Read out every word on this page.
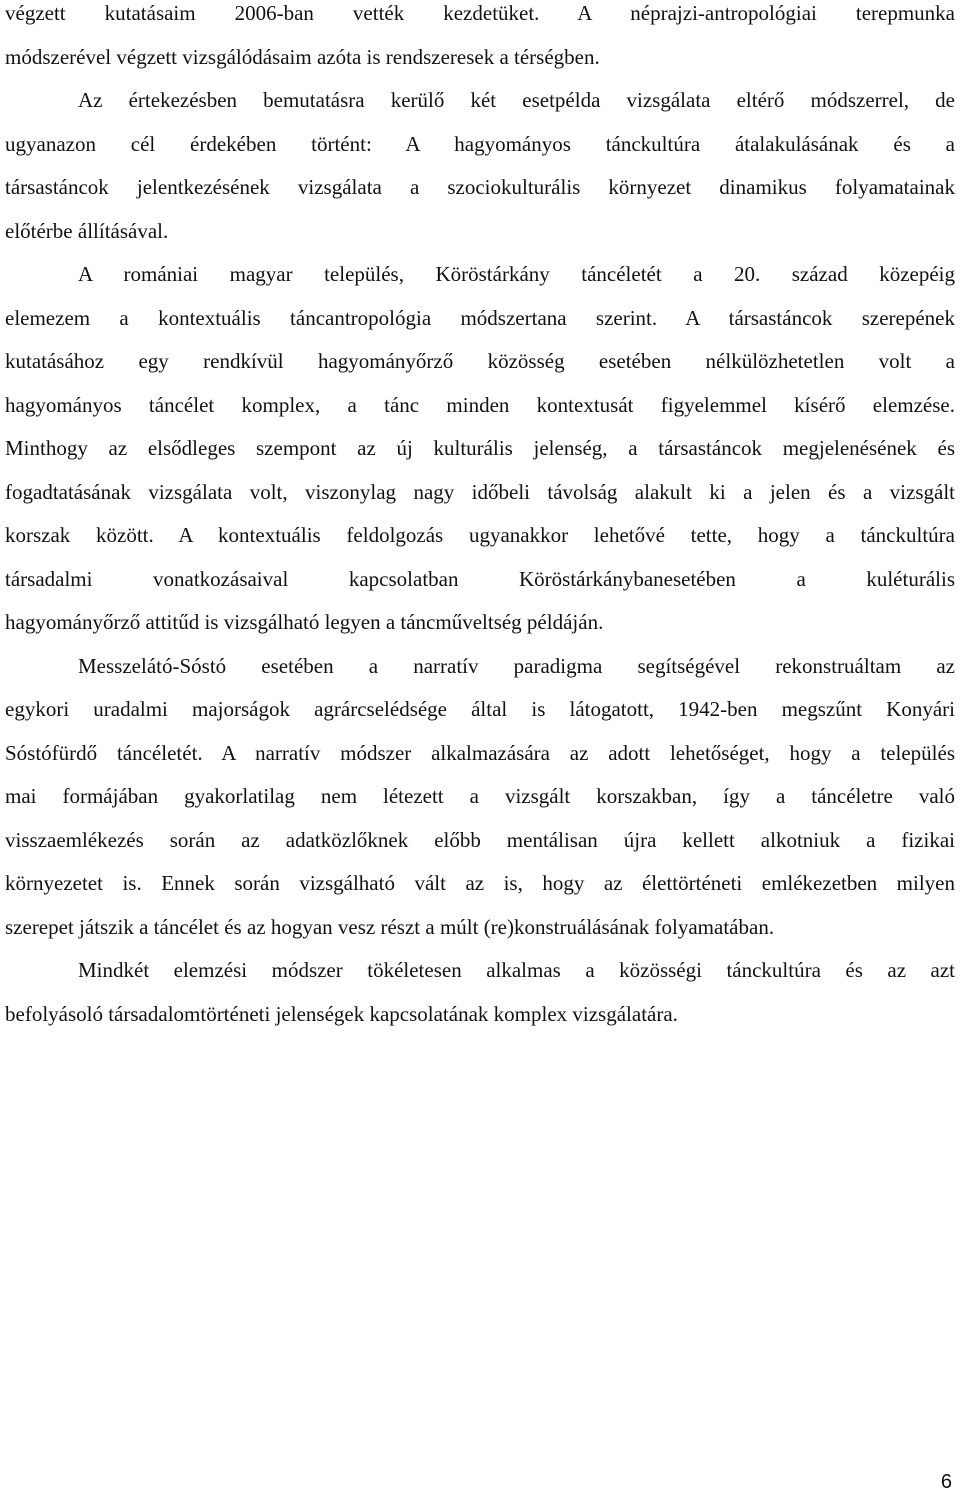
végzett kutatásaim 2006-ban vették kezdetüket. A néprajzi-antropológiai terepmunka
módszerével végzett vizsgálódásaim azóta is rendszeresek a térségben.
Az értekezésben bemutatásra kerülő két esetpélda vizsgálata eltérő módszerrel, de
ugyanazon cél érdekében történt: A hagyományos tánckultúra átalakulásának és a
társastáncok jelentkezésének vizsgálata a szociokulturális környezet dinamikus folyamatainak
előtérbe állításával.
A romániai magyar település, Köröstárkány táncéletét a 20. század közepéig
elemezem a kontextuális táncantropológia módszertana szerint. A társastáncok szerepének
kutatásához egy rendkívül hagyományőrző közösség esetében nélkülözhetetlen volt a
hagyományos táncélet komplex, a tánc minden kontextusát figyelemmel kísérő elemzése.
Minthogy az elsődleges szempont az új kulturális jelenség, a társastáncok megjelenésének és
fogadtatásának vizsgálata volt, viszonylag nagy időbeli távolság alakult ki a jelen és a vizsgált
korszak között. A kontextuális feldolgozás ugyanakkor lehetővé tette, hogy a tánckultúra
társadalmi vonatkozásaival kapcsolatban Köröstárkánybanesetében a kuléturális
hagyományőrző attitűd is vizsgálható legyen a táncműveltség példáján.
Messzelátó-Sóstó esetében a narratív paradigma segítségével rekonstruáltam az
egykori uradalmi majorságok agrárcselédsége által is látogatott, 1942-ben megszűnt Konyári
Sóstófürdő táncéletét. A narratív módszer alkalmazására az adott lehetőséget, hogy a település
mai formájában gyakorlatilag nem létezett a vizsgált korszakban, így a táncéletre való
visszaemlékezés során az adatközlőknek előbb mentálisan újra kellett alkotniuk a fizikai
környezetet is. Ennek során vizsgálható vált az is, hogy az élettörténeti emlékezetben milyen
szerepet játszik a táncélet és az hogyan vesz részt a múlt (re)konstruálásának folyamatában.
Mindkét elemzési módszer tökéletesen alkalmas a közösségi tánckultúra és az azt
befolyásoló társadalomtörténeti jelenségek kapcsolatának komplex vizsgálatára.
6
